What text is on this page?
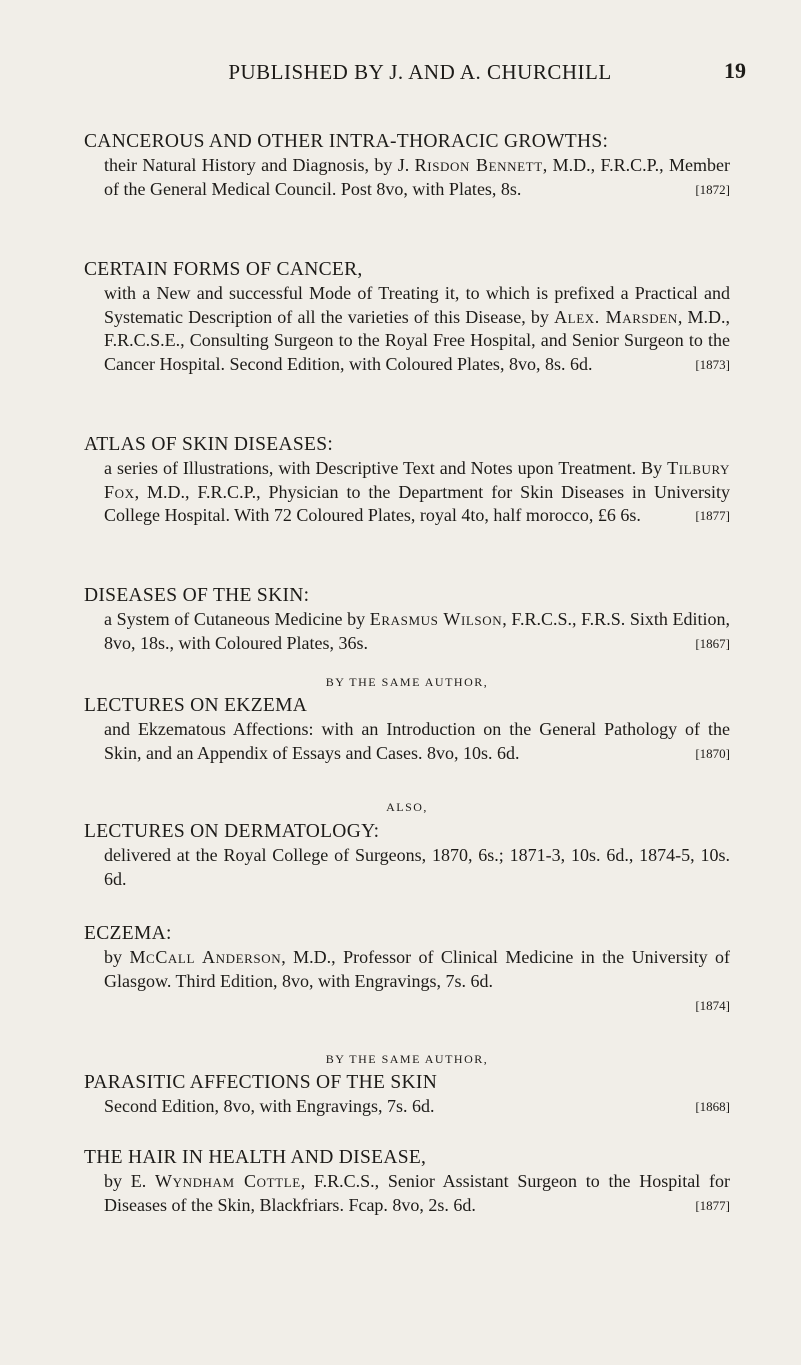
PUBLISHED BY J. AND A. CHURCHILL	19
CANCEROUS AND OTHER INTRA-THORACIC GROWTHS:
their Natural History and Diagnosis, by J. Risdon Bennett, M.D., F.R.C.P., Member of the General Medical Council. Post 8vo, with Plates, 8s.	[1872]
CERTAIN FORMS OF CANCER,
with a New and successful Mode of Treating it, to which is prefixed a Practical and Systematic Description of all the varieties of this Disease, by Alex. Marsden, M.D., F.R.C.S.E., Consulting Surgeon to the Royal Free Hospital, and Senior Surgeon to the Cancer Hospital. Second Edition, with Coloured Plates, 8vo, 8s. 6d.	[1873]
ATLAS OF SKIN DISEASES:
a series of Illustrations, with Descriptive Text and Notes upon Treatment. By Tilbury Fox, M.D., F.R.C.P., Physician to the Department for Skin Diseases in University College Hospital. With 72 Coloured Plates, royal 4to, half morocco, £6 6s.	[1877]
DISEASES OF THE SKIN:
a System of Cutaneous Medicine by Erasmus Wilson, F.R.C.S., F.R.S. Sixth Edition, 8vo, 18s., with Coloured Plates, 36s.	[1867]
BY THE SAME AUTHOR,
LECTURES ON EKZEMA
and Ekzematous Affections: with an Introduction on the General Pathology of the Skin, and an Appendix of Essays and Cases. 8vo, 10s. 6d.	[1870]
ALSO,
LECTURES ON DERMATOLOGY:
delivered at the Royal College of Surgeons, 1870, 6s.; 1871-3, 10s. 6d., 1874-5, 10s. 6d.
ECZEMA:
by McCall Anderson, M.D., Professor of Clinical Medicine in the University of Glasgow. Third Edition, 8vo, with Engravings, 7s. 6d.
[1874]
BY THE SAME AUTHOR,
PARASITIC AFFECTIONS OF THE SKIN
Second Edition, 8vo, with Engravings, 7s. 6d.	[1868]
THE HAIR IN HEALTH AND DISEASE,
by E. Wyndham Cottle, F.R.C.S., Senior Assistant Surgeon to the Hospital for Diseases of the Skin, Blackfriars. Fcap. 8vo, 2s. 6d.	[1877]
